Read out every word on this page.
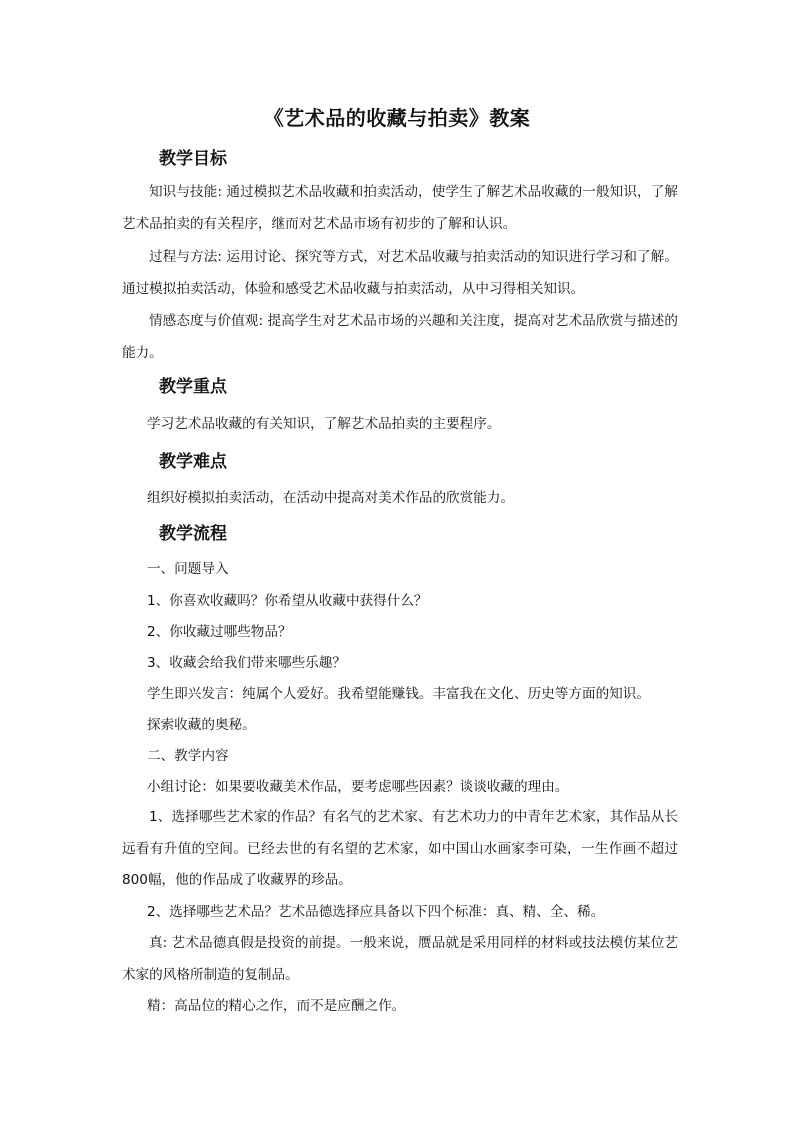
《艺术品的收藏与拍卖》教案
教学目标
知识与技能: 通过模拟艺术品收藏和拍卖活动，使学生了解艺术品收藏的一般知识，了解艺术品拍卖的有关程序，继而对艺术品市场有初步的了解和认识。
过程与方法: 运用讨论、探究等方式，对艺术品收藏与拍卖活动的知识进行学习和了解。通过模拟拍卖活动，体验和感受艺术品收藏与拍卖活动，从中习得相关知识。
情感态度与价值观: 提高学生对艺术品市场的兴趣和关注度，提高对艺术品欣赏与描述的能力。
教学重点
学习艺术品收藏的有关知识，了解艺术品拍卖的主要程序。
教学难点
组织好模拟拍卖活动，在活动中提高对美术作品的欣赏能力。
教学流程
一、问题导入
1、你喜欢收藏吗？你希望从收藏中获得什么？
2、你收藏过哪些物品？
3、收藏会给我们带来哪些乐趣？
学生即兴发言：纯属个人爱好。我希望能赚钱。丰富我在文化、历史等方面的知识。
探索收藏的奥秘。
二、教学内容
小组讨论：如果要收藏美术作品，要考虑哪些因素？谈谈收藏的理由。
1、选择哪些艺术家的作品？有名气的艺术家、有艺术功力的中青年艺术家，其作品从长远看有升值的空间。已经去世的有名望的艺术家，如中国山水画家李可染，一生作画不超过800幅，他的作品成了收藏界的珍品。
2、选择哪些艺术品？艺术品德选择应具备以下四个标准：真、精、全、稀。
真: 艺术品德真假是投资的前提。一般来说，赝品就是采用同样的材料或技法模仿某位艺术家的风格所制造的复制品。
精：高品位的精心之作，而不是应酬之作。
